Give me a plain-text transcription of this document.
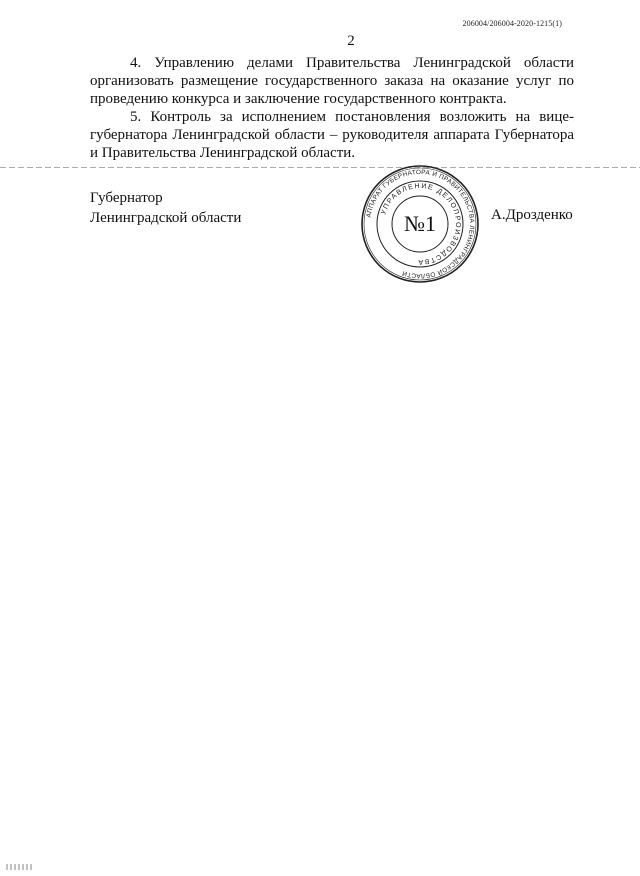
206004/206004-2020-1215(1)
2

4. Управлению делами Правительства Ленинградской области организовать размещение государственного заказа на оказание услуг по проведению конкурса и заключение государственного контракта.

5. Контроль за исполнением постановления возложить на вице-губернатора Ленинградской области – руководителя аппарата Губернатора и Правительства Ленинградской области.

Губернатор
Ленинградской области	АППАРАТ ГУБЕРНАТОРА И ПРАВИТЕЛЬСТВА ЛЕНИНГРАДСКОЙ ОБЛАСТИ
УПРАВЛЕНИЕ ДЕЛОПРОИЗВОДСТВА
№1	А.Дрозденко
